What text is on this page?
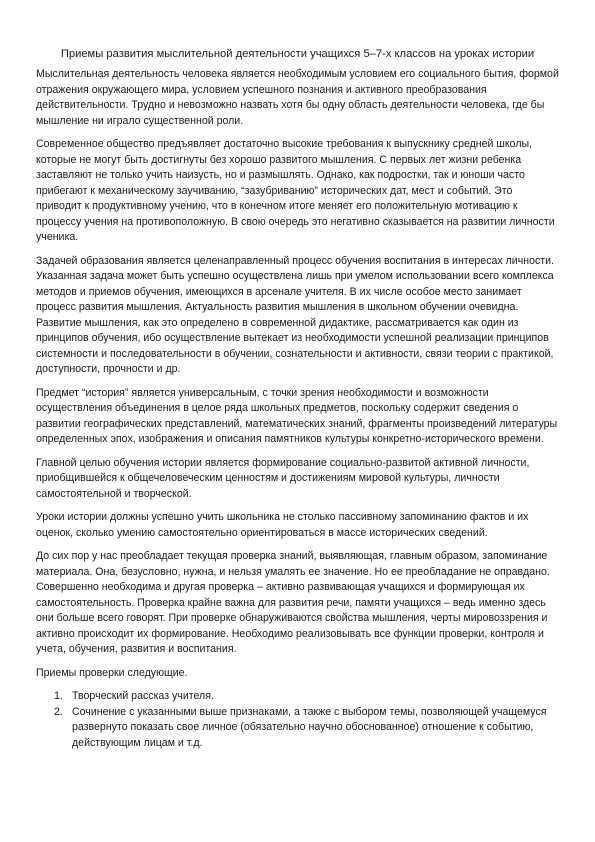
Приемы развития мыслительной деятельности учащихся 5–7-х классов на уроках истории

Мыслительная деятельность человека является необходимым условием его социального бытия, формой отражения окружающего мира, условием успешного познания и активного преобразования действительности. Трудно и невозможно назвать хотя бы одну область деятельности человека, где бы мышление ни играло существенной роли.

Современное общество предъявляет достаточно высокие требования к выпускнику средней школы, которые не могут быть достигнуты без хорошо развитого мышления. С первых лет жизни ребенка заставляют не только учить наизусть, но и размышлять. Однако, как подростки, так и юноши часто прибегают к механическому заучиванию, “зазубриванию” исторических дат, мест и событий. Это приводит к продуктивному учению, что в конечном итоге меняет его положительную мотивацию к процессу учения на противоположную. В свою очередь это негативно сказывается на развитии личности ученика.

Задачей образования является целенаправленный процесс обучения воспитания в интересах личности. Указанная задача может быть успешно осуществлена лишь при умелом использовании всего комплекса методов и приемов обучения, имеющихся в арсенале учителя. В их числе особое место занимает процесс развития мышления. Актуальность развития мышления в школьном обучении очевидна. Развитие мышления, как это определено в современной дидактике, рассматривается как один из принципов обучения, ибо осуществление вытекает из необходимости успешной реализации принципов системности и последовательности в обучении, сознательности и активности, связи теории с практикой, доступности, прочности и др.

Предмет “история” является универсальным, с точки зрения необходимости и возможности осуществления объединения в целое ряда школьных предметов, поскольку содержит сведения о развитии географических представлений, математических знаний, фрагменты произведений литературы определенных эпох, изображения и описания памятников культуры конкретно-исторического времени.

Главной целью обучения истории является формирование социально-развитой активной личности, приобщившейся к общечеловеческим ценностям и достижениям мировой культуры, личности самостоятельной и творческой.

Уроки истории должны успешно учить школьника не столько пассивному запоминанию фактов и их оценок, сколько умению самостоятельно ориентироваться в массе исторических сведений.

До сих пор у нас преобладает текущая проверка знаний, выявляющая, главным образом, запоминание материала. Она, безусловно, нужна, и нельзя умалять ее значение. Но ее преобладание не оправдано. Совершенно необходима и другая проверка – активно развивающая учащихся и формирующая их самостоятельность. Проверка крайне важна для развития речи, памяти учащихся – ведь именно здесь они больше всего говорят. При проверке обнаруживаются свойства мышления, черты мировоззрения и активно происходит их формирование. Необходимо реализовывать все функции проверки, контроля и учета, обучения, развития и воспитания.

Приемы проверки следующие.

1. Творческий рассказ учителя.
2. Сочинение с указанными выше признаками, а также с выбором темы, позволяющей учащемуся развернуто показать свое личное (обязательно научно обоснованное) отношение к событию, действующим лицам и т.д.
